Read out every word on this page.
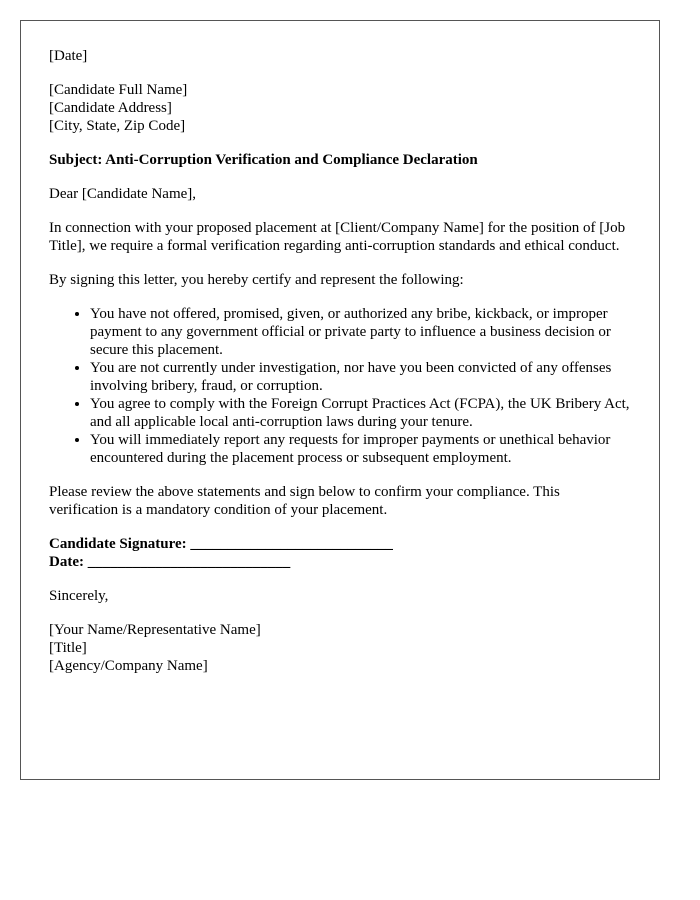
[Date]

[Candidate Full Name]
[Candidate Address]
[City, State, Zip Code]

Subject: Anti-Corruption Verification and Compliance Declaration

Dear [Candidate Name],

In connection with your proposed placement at [Client/Company Name] for the position of [Job Title], we require a formal verification regarding anti-corruption standards and ethical conduct.

By signing this letter, you hereby certify and represent the following:

• You have not offered, promised, given, or authorized any bribe, kickback, or improper payment to any government official or private party to influence a business decision or secure this placement.
• You are not currently under investigation, nor have you been convicted of any offenses involving bribery, fraud, or corruption.
• You agree to comply with the Foreign Corrupt Practices Act (FCPA), the UK Bribery Act, and all applicable local anti-corruption laws during your tenure.
• You will immediately report any requests for improper payments or unethical behavior encountered during the placement process or subsequent employment.

Please review the above statements and sign below to confirm your compliance. This verification is a mandatory condition of your placement.

Candidate Signature: ___________________________
Date: ___________________________

Sincerely,

[Your Name/Representative Name]
[Title]
[Agency/Company Name]
